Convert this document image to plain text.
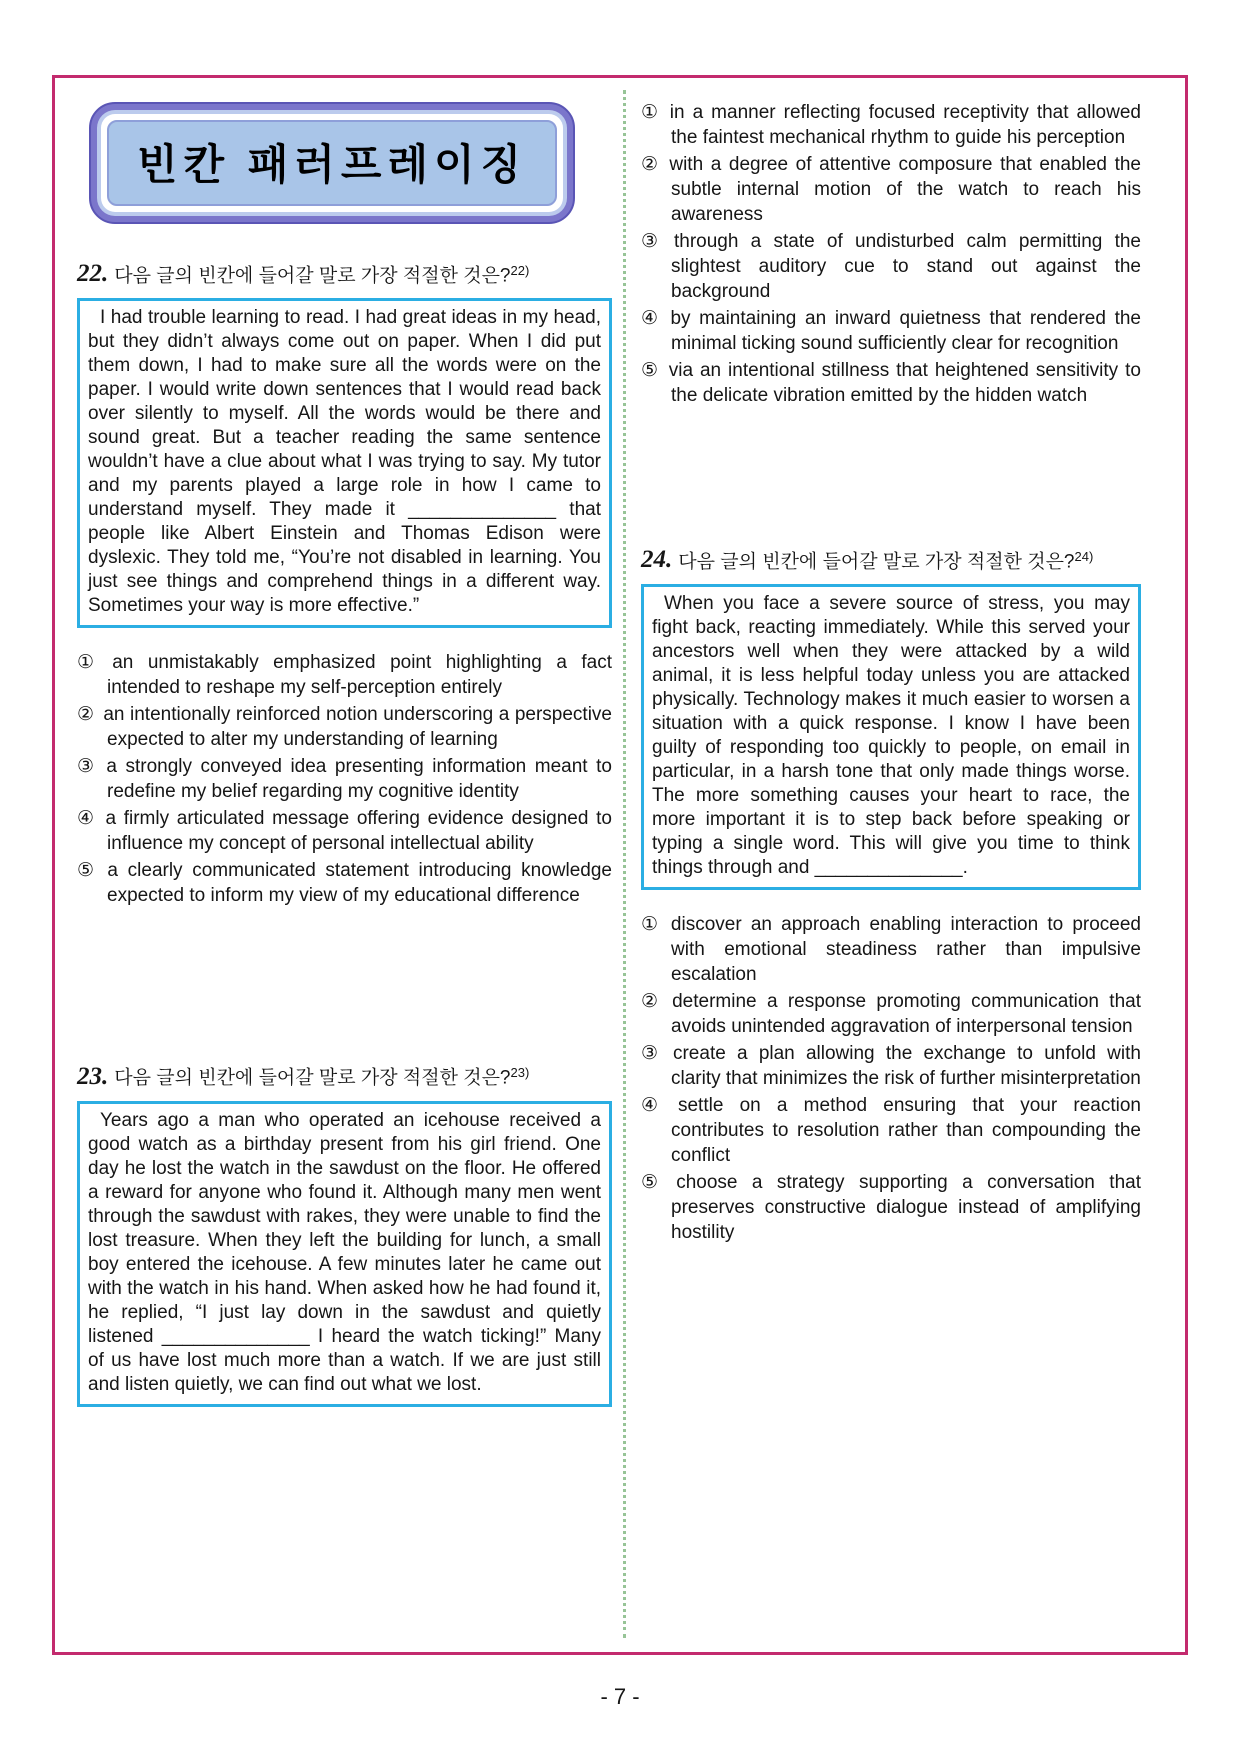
빈칸 패러프레이징
22. 다음 글의 빈칸에 들어갈 말로 가장 적절한 것은?$^{22)}$
I had trouble learning to read. I had great ideas in my head, but they didn’t always come out on paper. When I did put them down, I had to make sure all the words were on the paper. I would write down sentences that I would read back over silently to myself. All the words would be there and sound great. But a teacher reading the same sentence wouldn’t have a clue about what I was trying to say. My tutor and my parents played a large role in how I came to understand myself. They made it ______________ that people like Albert Einstein and Thomas Edison were dyslexic. They told me, “You’re not disabled in learning. You just see things and comprehend things in a different way. Sometimes your way is more effective.”
① an unmistakably emphasized point highlighting a fact intended to reshape my self-perception entirely
② an intentionally reinforced notion underscoring a perspective expected to alter my understanding of learning
③ a strongly conveyed idea presenting information meant to redefine my belief regarding my cognitive identity
④ a firmly articulated message offering evidence designed to influence my concept of personal intellectual ability
⑤ a clearly communicated statement introducing knowledge expected to inform my view of my educational difference
23. 다음 글의 빈칸에 들어갈 말로 가장 적절한 것은?$^{23)}$
Years ago a man who operated an icehouse received a good watch as a birthday present from his girl friend. One day he lost the watch in the sawdust on the floor. He offered a reward for anyone who found it. Although many men went through the sawdust with rakes, they were unable to find the lost treasure. When they left the building for lunch, a small boy entered the icehouse. A few minutes later he came out with the watch in his hand. When asked how he had found it, he replied, “I just lay down in the sawdust and quietly listened ______________ I heard the watch ticking!” Many of us have lost much more than a watch. If we are just still and listen quietly, we can find out what we lost.
① in a manner reflecting focused receptivity that allowed the faintest mechanical rhythm to guide his perception
② with a degree of attentive composure that enabled the subtle internal motion of the watch to reach his awareness
③ through a state of undisturbed calm permitting the slightest auditory cue to stand out against the background
④ by maintaining an inward quietness that rendered the minimal ticking sound sufficiently clear for recognition
⑤ via an intentional stillness that heightened sensitivity to the delicate vibration emitted by the hidden watch
24. 다음 글의 빈칸에 들어갈 말로 가장 적절한 것은?$^{24)}$
When you face a severe source of stress, you may fight back, reacting immediately. While this served your ancestors well when they were attacked by a wild animal, it is less helpful today unless you are attacked physically. Technology makes it much easier to worsen a situation with a quick response. I know I have been guilty of responding too quickly to people, on email in particular, in a harsh tone that only made things worse. The more something causes your heart to race, the more important it is to step back before speaking or typing a single word. This will give you time to think things through and ______________.
① discover an approach enabling interaction to proceed with emotional steadiness rather than impulsive escalation
② determine a response promoting communication that avoids unintended aggravation of interpersonal tension
③ create a plan allowing the exchange to unfold with clarity that minimizes the risk of further misinterpretation
④ settle on a method ensuring that your reaction contributes to resolution rather than compounding the conflict
⑤ choose a strategy supporting a conversation that preserves constructive dialogue instead of amplifying hostility
- 7 -
